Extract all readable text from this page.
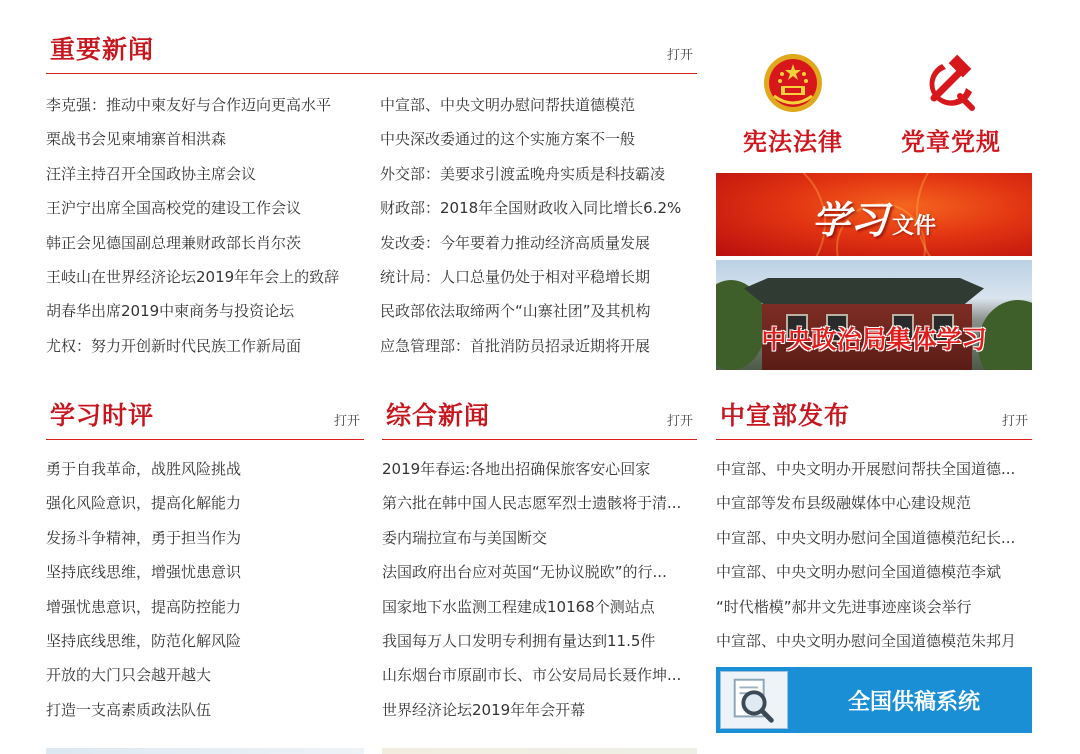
重要新闻	打开
李克强：推动中柬友好与合作迈向更高水平
栗战书会见柬埔寨首相洪森
汪洋主持召开全国政协主席会议
王沪宁出席全国高校党的建设工作会议
韩正会见德国副总理兼财政部长肖尔茨
王岐山在世界经济论坛2019年年会上的致辞
胡春华出席2019中柬商务与投资论坛
尤权：努力开创新时代民族工作新局面
中宣部、中央文明办慰问帮扶道德模范
中央深改委通过的这个实施方案不一般
外交部：美要求引渡孟晚舟实质是科技霸凌
财政部：2018年全国财政收入同比增长6.2%
发改委：今年要着力推动经济高质量发展
统计局：人口总量仍处于相对平稳增长期
民政部依法取缔两个“山寨社团”及其机构
应急管理部：首批消防员招录近期将开展
宪法法律	党章党规
学习 文件
中央政治局集体学习
学习时评	打开
勇于自我革命，战胜风险挑战
强化风险意识，提高化解能力
发扬斗争精神，勇于担当作为
坚持底线思维，增强忧患意识
增强忧患意识，提高防控能力
坚持底线思维，防范化解风险
开放的大门只会越开越大
打造一支高素质政法队伍
综合新闻	打开
2019年春运:各地出招确保旅客安心回家
第六批在韩中国人民志愿军烈士遗骸将于清...
委内瑞拉宣布与美国断交
法国政府出台应对英国“无协议脱欧”的行...
国家地下水监测工程建成10168个测站点
我国每万人口发明专利拥有量达到11.5件
山东烟台市原副市长、市公安局局长聂作坤...
世界经济论坛2019年年会开幕
中宣部发布	打开
中宣部、中央文明办开展慰问帮扶全国道德...
中宣部等发布县级融媒体中心建设规范
中宣部、中央文明办慰问全国道德模范纪长...
中宣部、中央文明办慰问全国道德模范李斌
“时代楷模”郝井文先进事迹座谈会举行
中宣部、中央文明办慰问全国道德模范朱邦月
全国供稿系统
